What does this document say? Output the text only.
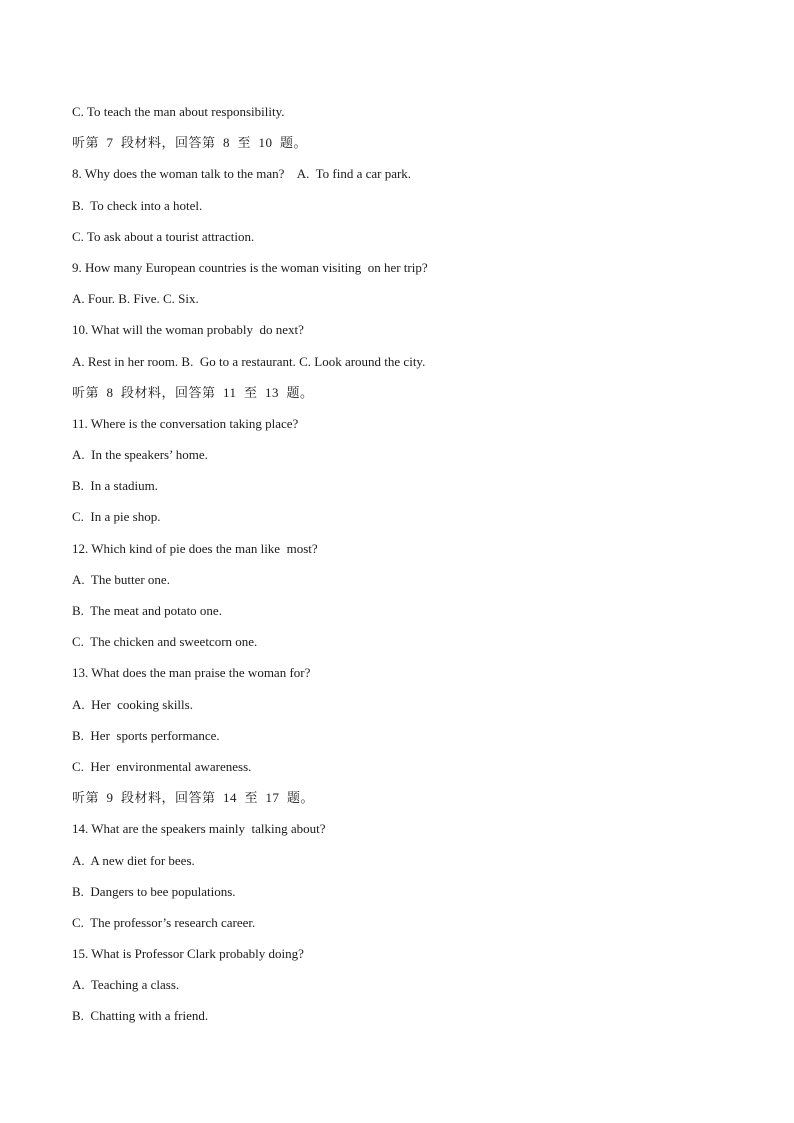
C. To teach the man about responsibility.
听第  7  段材料，回答第  8  至  10  题。
8. Why does the woman talk to the man?    A.  To find a car park.
B.  To check into a hotel.
C. To ask about a tourist attraction.
9. How many European countries is the woman visiting  on her trip?
A. Four. B. Five. C. Six.
10. What will the woman probably  do next?
A. Rest in her room. B.  Go to a restaurant. C. Look around the city.
听第  8  段材料，回答第  11  至  13  题。
11. Where is the conversation taking place?
A.  In the speakers’ home.
B.  In a stadium.
C.  In a pie shop.
12. Which kind of pie does the man like  most?
A.  The butter one.
B.  The meat and potato one.
C.  The chicken and sweetcorn one.
13. What does the man praise the woman for?
A.  Her  cooking skills.
B.  Her  sports performance.
C.  Her  environmental awareness.
听第  9  段材料，回答第  14  至  17  题。
14. What are the speakers mainly  talking about?
A.  A new diet for bees.
B.  Dangers to bee populations.
C.  The professor’s research career.
15. What is Professor Clark probably doing?
A.  Teaching a class.
B.  Chatting with a friend.
